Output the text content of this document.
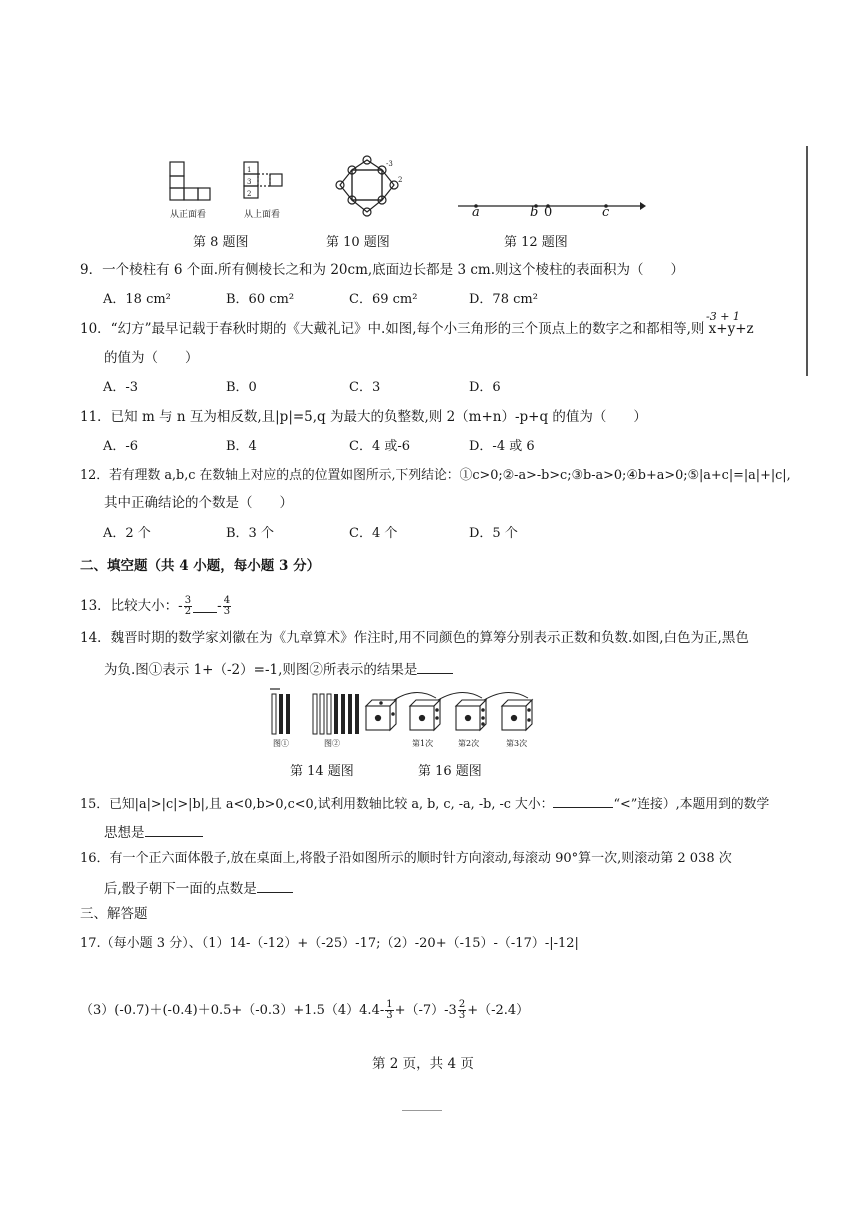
1
3
2
从正面看	从上面看
第 8 题图
-3
2
第 10 题图
a	b 0	c
第 12 题图
9．一个棱柱有 6 个面.所有侧棱长之和为 20cm,底面边长都是 3 cm.则这个棱柱的表面积为（　　）
A．18 cm²	B．60 cm²	C．69 cm²	D．78 cm²
-3 + 1
10．“幻方”最早记载于春秋时期的《大戴礼记》中.如图,每个小三角形的三个顶点上的数字之和都相等,则 x+y+z
的值为（　　）
A．-3	B．0	C．3	D．6
11．已知 m 与 n 互为相反数,且|p|=5,q 为最大的负整数,则 2（m+n）-p+q 的值为（　　）
A．-6	B．4	C．4 或-6	D．-4 或 6
12．若有理数 a,b,c 在数轴上对应的点的位置如图所示,下列结论：①c>0;②-a>-b>c;③b-a>0;④b+a>0;⑤|a+c|=|a|+|c|,
其中正确结论的个数是（　　）
A．2 个	B．3 个	C．4 个	D．5 个
二、填空题（共 4 小题，每小题 3 分）
13．比较大小：- $\frac{3}{2} - \frac{4}{3}$
14．魏晋时期的数学家刘徽在为《九章算术》作注时,用不同颜色的算筹分别表示正数和负数.如图,白色为正,黑色
为负.图①表示 1+（-2）=-1,则图②所表示的结果是
图①	图②	第1次	第2次	第3次
第 14 题图	第 16 题图
15．已知|a|>|c|>|b|,且 a<0,b>0,c<0,试利用数轴比较 a, b, c, -a, -b, -c 大小：	“<”连接）,本题用到的数学
思想是
16．有一个正六面体骰子,放在桌面上,将骰子沿如图所示的顺时针方向滚动,每滚动 90°算一次,则滚动第 2 038 次
后,骰子朝下一面的点数是
三、解答题
17.（每小题 3 分）、（1）14-（-12）+（-25）-17;（2）-20+（-15）-（-17）-|-12|
$(3)(-0.7)+(-0.4)+0.5+(-0.3)+1.5(4)4.4- \frac{1}{3} +(-7)-3 \frac{2}{3} +(-2.4)$
第 2 页，共 4 页
